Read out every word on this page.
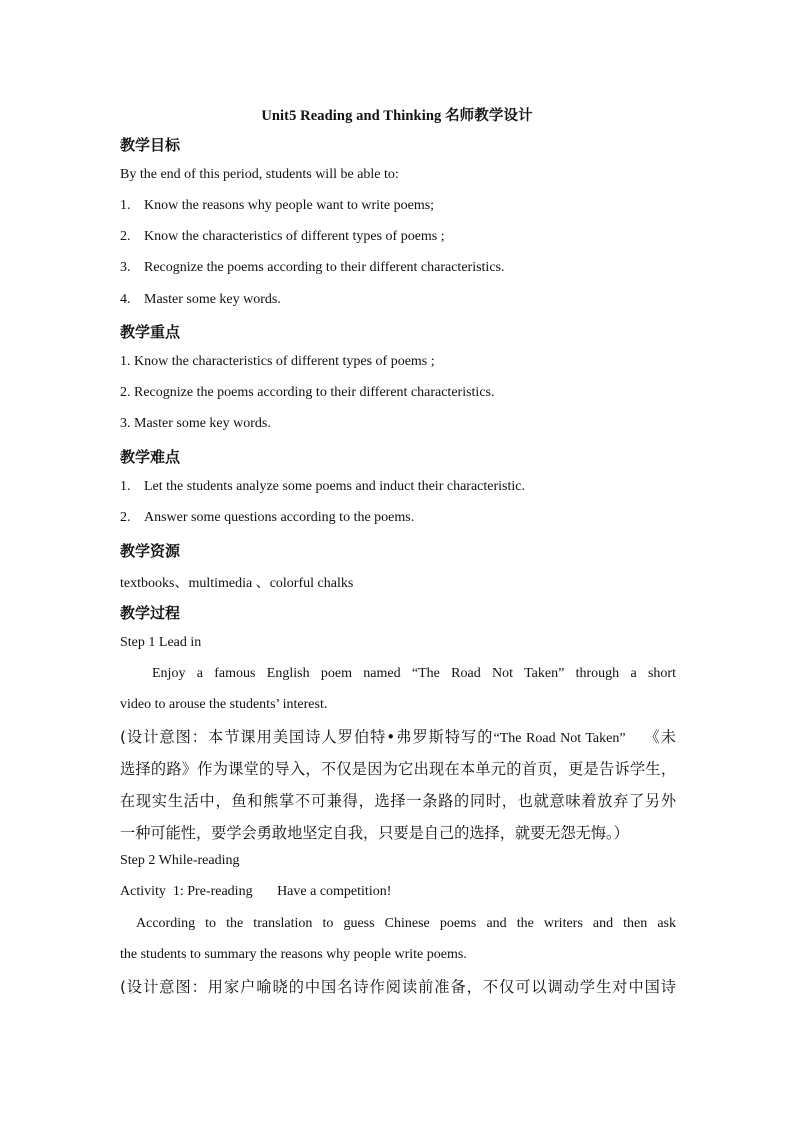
Unit5 Reading and Thinking 名师教学设计
教学目标
By the end of this period, students will be able to:
1. Know the reasons why people want to write poems;
2. Know the characteristics of different types of poems ;
3. Recognize the poems according to their different characteristics.
4. Master some key words.
教学重点
1. Know the characteristics of different types of poems ;
2. Recognize the poems according to their different characteristics.
3. Master some key words.
教学难点
1. Let the students analyze some poems and induct their characteristic.
2. Answer some questions according to the poems.
教学资源
textbooks、multimedia 、colorful chalks
教学过程
Step 1 Lead in
Enjoy a famous English poem named “The Road Not Taken” through a short
video to arouse the students’ interest.
(设计意图：本节课用美国诗人罗伯特•弗罗斯特写的“The Road Not Taken” 《未
选择的路》作为课堂的导入，不仅是因为它出现在本单元的首页，更是告诉学生，
在现实生活中，鱼和熊掌不可兼得，选择一条路的同时，也就意味着放弃了另外
一种可能性，要学会勇敢地坚定自我，只要是自己的选择，就要无怨无悔。）
Step 2 While-reading
Activity  1: Pre-reading       Have a competition!
According to the translation to guess Chinese poems and the writers and then ask
the students to summary the reasons why people write poems.
(设计意图：用家户喻晓的中国名诗作阅读前准备，不仅可以调动学生对中国诗
